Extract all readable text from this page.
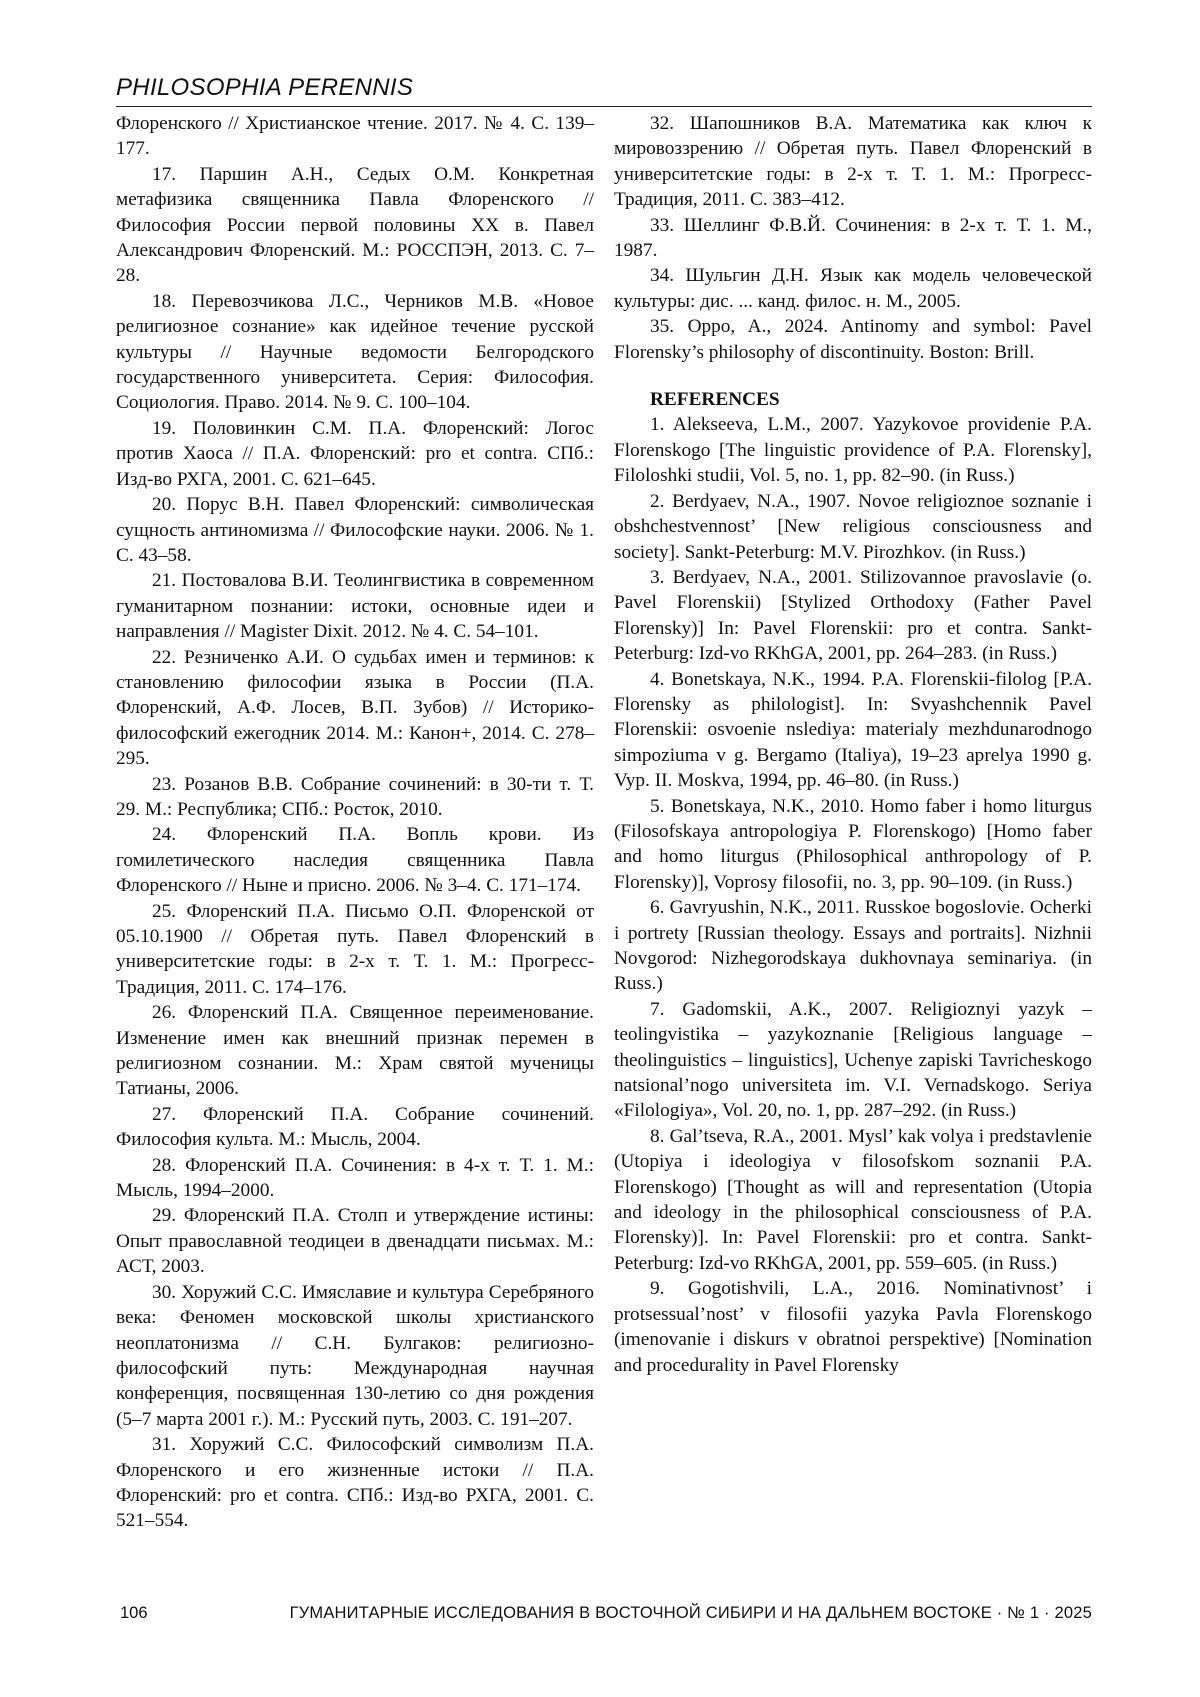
PHILOSOPHIA PERENNIS

Флоренского // Христианское чтение. 2017. № 4. С. 139–177.

17. Паршин А.Н., Седых О.М. Конкретная метафизика священника Павла Флоренского // Философия России первой половины XX в. Павел Александрович Флоренский. М.: РОССПЭН, 2013. С. 7–28.

18. Перевозчикова Л.С., Черников М.В. «Новое религиозное сознание» как идейное течение русской культуры // Научные ведомости Белгородского государственного университета. Серия: Философия. Социология. Право. 2014. № 9. С. 100–104.

19. Половинкин С.М. П.А. Флоренский: Логос против Хаоса // П.А. Флоренский: pro et contra. СПб.: Изд-во РХГА, 2001. С. 621–645.

20. Порус В.Н. Павел Флоренский: символическая сущность антиномизма // Философские науки. 2006. № 1. С. 43–58.

21. Постовалова В.И. Теолингвистика в современном гуманитарном познании: истоки, основные идеи и направления // Magister Dixit. 2012. № 4. С. 54–101.

22. Резниченко А.И. О судьбах имен и терминов: к становлению философии языка в России (П.А. Флоренский, А.Ф. Лосев, В.П. Зубов) // Историко-философский ежегодник 2014. М.: Канон+, 2014. С. 278–295.

23. Розанов В.В. Собрание сочинений: в 30-ти т. Т. 29. М.: Республика; СПб.: Росток, 2010.

24. Флоренский П.А. Вопль крови. Из гомилетического наследия священника Павла Флоренского // Ныне и присно. 2006. № 3–4. С. 171–174.

25. Флоренский П.А. Письмо О.П. Флоренской от 05.10.1900 // Обретая путь. Павел Флоренский в университетские годы: в 2-х т. Т. 1. М.: Прогресс-Традиция, 2011. С. 174–176.

26. Флоренский П.А. Священное переименование. Изменение имен как внешний признак перемен в религиозном сознании. М.: Храм святой мученицы Татианы, 2006.

27. Флоренский П.А. Собрание сочинений. Философия культа. М.: Мысль, 2004.

28. Флоренский П.А. Сочинения: в 4-х т. Т. 1. М.: Мысль, 1994–2000.

29. Флоренский П.А. Столп и утверждение истины: Опыт православной теодицеи в двенадцати письмах. М.: АСТ, 2003.

30. Хоружий С.С. Имяславие и культура Серебряного века: Феномен московской школы христианского неоплатонизма // С.Н. Булгаков: религиозно-философский путь: Международная научная конференция, посвященная 130-летию со дня рождения (5–7 марта 2001 г.). М.: Русский путь, 2003. С. 191–207.

31. Хоружий С.С. Философский символизм П.А. Флоренского и его жизненные истоки // П.А. Флоренский: pro et contra. СПб.: Изд-во РХГА, 2001. С. 521–554.

32. Шапошников В.А. Математика как ключ к мировоззрению // Обретая путь. Павел Флоренский в университетские годы: в 2-х т. Т. 1. М.: Прогресс-Традиция, 2011. С. 383–412.

33. Шеллинг Ф.В.Й. Сочинения: в 2-х т. Т. 1. М., 1987.

34. Шульгин Д.Н. Язык как модель человеческой культуры: дис. ... канд. филос. н. М., 2005.

35. Oppo, A., 2024. Antinomy and symbol: Pavel Florensky’s philosophy of discontinuity. Boston: Brill.

REFERENCES

1. Alekseeva, L.M., 2007. Yazykovoe providenie P.A. Florenskogo [The linguistic providence of P.A. Florensky], Filoloshki studii, Vol. 5, no. 1, pp. 82–90. (in Russ.)

2. Berdyaev, N.A., 1907. Novoe religioznoe soznanie i obshchestvennost’ [New religious consciousness and society]. Sankt-Peterburg: M.V. Pirozhkov. (in Russ.)

3. Berdyaev, N.A., 2001. Stilizovannoe pravoslavie (o. Pavel Florenskii) [Stylized Orthodoxy (Father Pavel Florensky)] In: Pavel Florenskii: pro et contra. Sankt-Peterburg: Izd-vo RKhGA, 2001, pp. 264–283. (in Russ.)

4. Bonetskaya, N.K., 1994. P.A. Florenskii-filolog [P.A. Florensky as philologist]. In: Svyashchennik Pavel Florenskii: osvoenie nslediya: materialy mezhdunarodnogo simpoziuma v g. Bergamo (Italiya), 19–23 aprelya 1990 g. Vyp. II. Moskva, 1994, pp. 46–80. (in Russ.)

5. Bonetskaya, N.K., 2010. Homo faber i homo liturgus (Filosofskaya antropologiya P. Florenskogo) [Homo faber and homo liturgus (Philosophical anthropology of P. Florensky)], Voprosy filosofii, no. 3, pp. 90–109. (in Russ.)

6. Gavryushin, N.K., 2011. Russkoe bogoslovie. Ocherki i portrety [Russian theology. Essays and portraits]. Nizhnii Novgorod: Nizhegorodskaya dukhovnaya seminariya. (in Russ.)

7. Gadomskii, A.K., 2007. Religioznyi yazyk – teolingvistika – yazykoznanie [Religious language – theolinguistics – linguistics], Uchenye zapiski Tavricheskogo natsional’nogo universiteta im. V.I. Vernadskogo. Seriya «Filologiya», Vol. 20, no. 1, pp. 287–292. (in Russ.)

8. Gal’tseva, R.A., 2001. Mysl’ kak volya i predstavlenie (Utopiya i ideologiya v filosofskom soznanii P.A. Florenskogo) [Thought as will and representation (Utopia and ideology in the philosophical consciousness of P.A. Florensky)]. In: Pavel Florenskii: pro et contra. Sankt-Peterburg: Izd-vo RKhGA, 2001, pp. 559–605. (in Russ.)

9. Gogotishvili, L.A., 2016. Nominativnost’ i protsessual’nost’ v filosofii yazyka Pavla Florenskogo (imenovanie i diskurs v obratnoi perspektive) [Nomination and procedurality in Pavel Florensky

106	ГУМАНИТАРНЫЕ ИССЛЕДОВАНИЯ В ВОСТОЧНОЙ СИБИРИ И НА ДАЛЬНЕМ ВОСТОКЕ · № 1 · 2025
